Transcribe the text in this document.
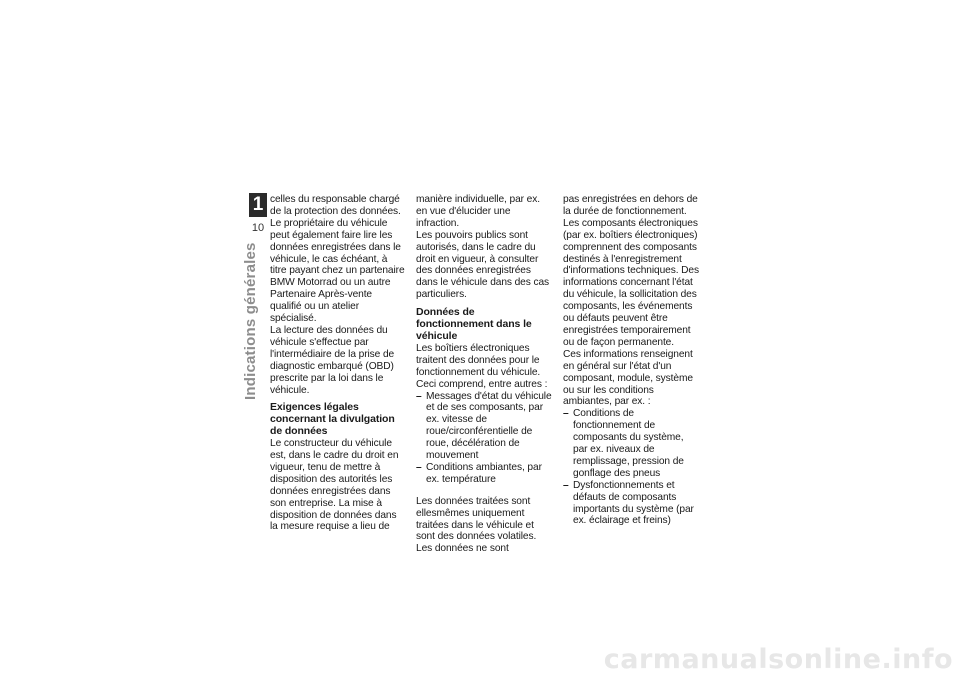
1
10
Indications générales

celles du responsable chargé de la protection des données.

Le propriétaire du véhicule peut également faire lire les données enregistrées dans le véhicule, le cas échéant, à titre payant chez un partenaire BMW Motorrad ou un autre Partenaire Après-vente qualifié ou un atelier spécialisé.

La lecture des données du véhicule s'effectue par l'intermédiaire de la prise de diagnostic embarqué (OBD) prescrite par la loi dans le véhicule.

Exigences légales concernant la divulgation de données

Le constructeur du véhicule est, dans le cadre du droit en vigueur, tenu de mettre à disposition des autorités les données enregistrées dans son entreprise. La mise à disposition de données dans la mesure requise a lieu de

manière individuelle, par ex. en vue d'élucider une infraction.

Les pouvoirs publics sont autorisés, dans le cadre du droit en vigueur, à consulter des données enregistrées dans le véhicule dans des cas particuliers.

Données de fonctionnement dans le véhicule

Les boîtiers électroniques traitent des données pour le fonctionnement du véhicule.

Ceci comprend, entre autres :

– Messages d'état du véhicule et de ses composants, par ex. vitesse de roue/circonférentielle de roue, décélération de mouvement
– Conditions ambiantes, par ex. température

Les données traitées sont ellesmêmes uniquement traitées dans le véhicule et sont des données volatiles. Les données ne sont

pas enregistrées en dehors de la durée de fonctionnement.

Les composants électroniques (par ex. boîtiers électroniques) comprennent des composants destinés à l'enregistrement d'informations techniques. Des informations concernant l'état du véhicule, la sollicitation des composants, les événements ou défauts peuvent être enregistrées temporairement ou de façon permanente.

Ces informations renseignent en général sur l'état d'un composant, module, système ou sur les conditions ambiantes, par ex. :

– Conditions de fonctionnement de composants du système, par ex. niveaux de remplissage, pression de gonflage des pneus
– Dysfonctionnements et défauts de composants importants du système (par ex. éclairage et freins)
carmanualsonline.info
